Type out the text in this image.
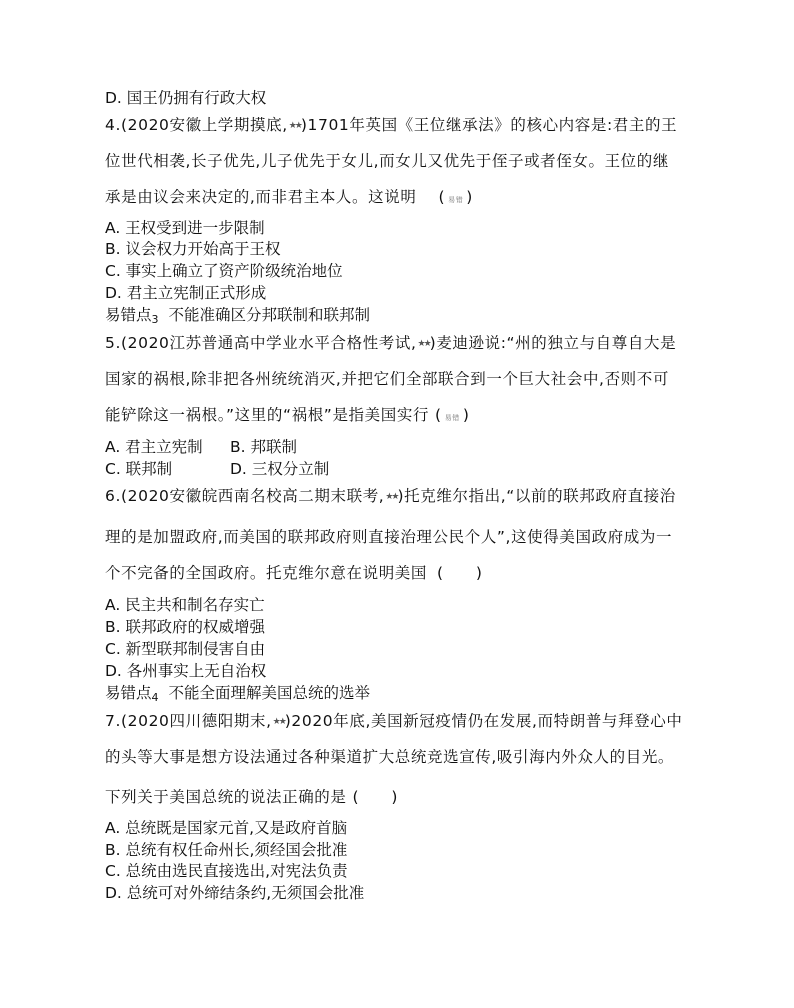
D. 国王仍拥有行政大权
4.(2020安徽上学期摸底,★★)1701年英国《王位继承法》的核心内容是:君主的王
位世代相袭,长子优先,儿子优先于女儿,而女儿又优先于侄子或者侄女。王位的继
承是由议会来决定的,而非君主本人。这说明 ( 易错 )
A. 王权受到进一步限制
B. 议会权力开始高于王权
C. 事实上确立了资产阶级统治地位
D. 君主立宪制正式形成
易错点$_3$ 不能准确区分邦联制和联邦制
5.(2020江苏普通高中学业水平合格性考试,★★)麦迪逊说:“州的独立与自尊自大是
国家的祸根,除非把各州统统消灭,并把它们全部联合到一个巨大社会中,否则不可
能铲除这一祸根。”这里的“祸根”是指美国实行 ( 易错 )
A. 君主立宪制 B. 邦联制
C. 联邦制	D. 三权分立制
6.(2020安徽皖西南名校高二期末联考,★★)托克维尔指出,“以前的联邦政府直接治
理的是加盟政府,而美国的联邦政府则直接治理公民个人”,这使得美国政府成为一
个不完备的全国政府。托克维尔意在说明美国 (  )
A. 民主共和制名存实亡
B. 联邦政府的权威增强
C. 新型联邦制侵害自由
D. 各州事实上无自治权
易错点$_4$ 不能全面理解美国总统的选举
7.(2020四川德阳期末,★★)2020年底,美国新冠疫情仍在发展,而特朗普与拜登心中
的头等大事是想方设法通过各种渠道扩大总统竞选宣传,吸引海内外众人的目光。
下列关于美国总统的说法正确的是 (  )
A. 总统既是国家元首,又是政府首脑
B. 总统有权任命州长,须经国会批准
C. 总统由选民直接选出,对宪法负责
D. 总统可对外缔结条约,无须国会批准
